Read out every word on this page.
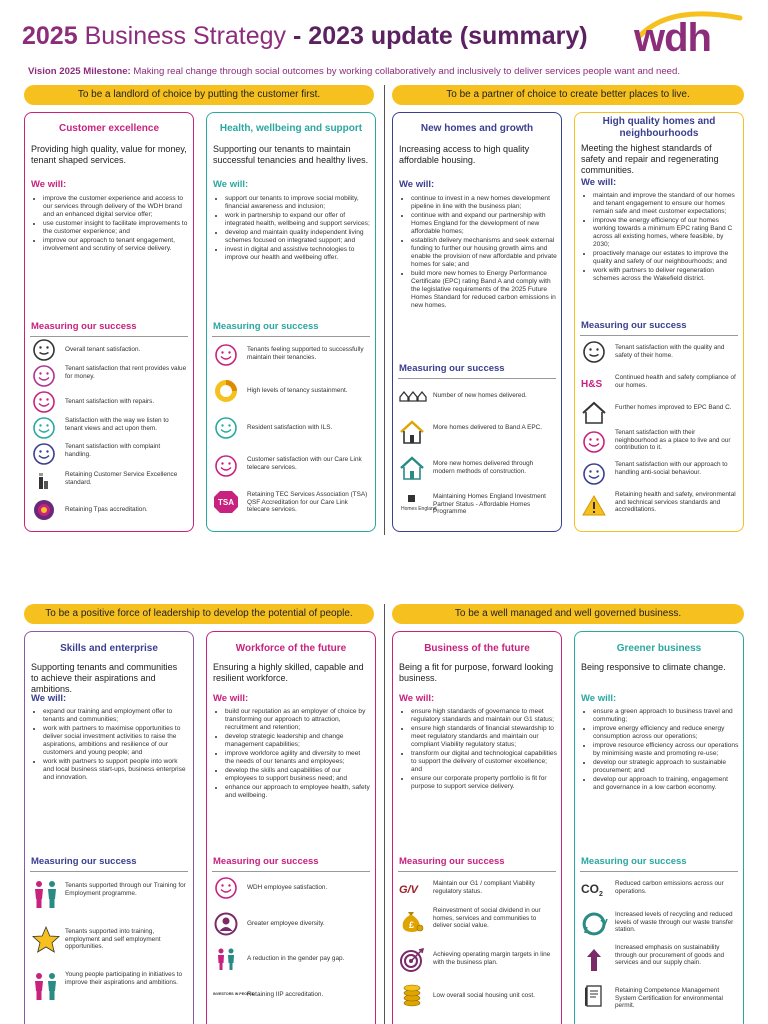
2025 Business Strategy - 2023 update (summary) wdh
Vision 2025 Milestone: Making real change through social outcomes by working collaboratively and inclusively to deliver services people want and need.
To be a landlord of choice by putting the customer first.	To be a partner of choice to create better places to live.
To be a positive force of leadership to develop the potential of people.	To be a well managed and well governed business.
Customer excellence
Providing high quality, value for money, tenant shaped services.
We will:
• improve the customer experience and access to our services through delivery of the WDH brand and an enhanced digital service offer;
• use customer insight to facilitate improvements to the customer experience; and
• improve our approach to tenant engagement, involvement and scrutiny of service delivery.
Measuring our success
Overall tenant satisfaction.
Tenant satisfaction that rent provides value for money.
Tenant satisfaction with repairs.
Satisfaction with the way we listen to tenant views and act upon them.
Tenant satisfaction with complaint handling.
Retaining Customer Service Excellence standard.
Retaining Tpas accreditation.
Health, wellbeing and support
Supporting our tenants to maintain successful tenancies and healthy lives.
We will:
• support our tenants to improve social mobility, financial awareness and inclusion;
• work in partnership to expand our offer of integrated health, wellbeing and support services;
• develop and maintain quality independent living schemes focused on integrated support; and
• invest in digital and assistive technologies to improve our health and wellbeing offer.
Measuring our success
Tenants feeling supported to successfully maintain their tenancies.
High levels of tenancy sustainment.
Resident satisfaction with ILS.
Customer satisfaction with our Care Link telecare services.
TSA
Retaining TEC Services Association (TSA) QSF Accreditation for our Care Link telecare services.
New homes and growth
Increasing access to high quality affordable housing.
We will:
• continue to invest in a new homes development pipeline in line with the business plan;
• continue with and expand our partnership with Homes England for the development of new affordable homes;
• establish delivery mechanisms and seek external funding to further our housing growth aims and enable the provision of new affordable and private homes for sale; and
• build more new homes to Energy Performance Certificate (EPC) rating Band A and comply with the legislative requirements of the 2025 Future Homes Standard for reduced carbon emissions in new homes.
Measuring our success
Number of new homes delivered.
More homes delivered to Band A EPC.
More new homes delivered through modern methods of construction.
Homes England
Maintaining Homes England Investment Partner Status - Affordable Homes Programme
High quality homes and neighbourhoods
Meeting the highest standards of safety and repair and regenerating communities.
We will:
• maintain and improve the standard of our homes and tenant engagement to ensure our homes remain safe and meet customer expectations;
• improve the energy efficiency of our homes working towards a minimum EPC rating Band C across all existing homes, where feasible, by 2030;
• proactively manage our estates to improve the quality and safety of our neighbourhoods; and
• work with partners to deliver regeneration schemes across the Wakefield district.
Measuring our success
Tenant satisfaction with the quality and safety of their home.
H&S
Continued health and safety compliance of our homes.
Further homes improved to EPC Band C.
Tenant satisfaction with their neighbourhood as a place to live and our contribution to it.
Tenant satisfaction with our approach to handling anti-social behaviour.
Retaining health and safety, environmental and technical services standards and accreditations.
Skills and enterprise
Supporting tenants and communities to achieve their aspirations and ambitions.
We will:
• expand our training and employment offer to tenants and communities;
• work with partners to maximise opportunities to deliver social investment activities to raise the aspirations, ambitions and resilience of our customers and young people; and
• work with partners to support people into work and local business start-ups, business enterprise and innovation.
Measuring our success
Tenants supported through our Training for Employment programme.
Tenants supported into training, employment and self employment opportunities.
Young people participating in initiatives to improve their aspirations and ambitions.
Workforce of the future
Ensuring a highly skilled, capable and resilient workforce.
We will:
• build our reputation as an employer of choice by transforming our approach to attraction, recruitment and retention;
• develop strategic leadership and change management capabilities;
• improve workforce agility and diversity to meet the needs of our tenants and employees;
• develop the skills and capabilities of our employees to support business need; and
• enhance our approach to employee health, safety and wellbeing.
Measuring our success
WDH employee satisfaction.
Greater employee diversity.
A reduction in the gender pay gap.
INVESTORS IN PEOPLE
Retaining IIP accreditation.
Business of the future
Being a fit for purpose, forward looking business.
We will:
• ensure high standards of governance to meet regulatory standards and maintain our G1 status;
• ensure high standards of financial stewardship to meet regulatory standards and maintain our compliant Viability regulatory status;
• transform our digital and technological capabilities to support the delivery of customer excellence; and
• ensure our corporate property portfolio is fit for purpose to support service delivery.
Measuring our success
G/V
Maintain our G1 / compliant Viability regulatory status.
£
Reinvestment of social dividend in our homes, services and communities to deliver social value.
Achieving operating margin targets in line with the business plan.
Low overall social housing unit cost.
Greener business
Being responsive to climate change.
We will:
• ensure a green approach to business travel and commuting;
• improve energy efficiency and reduce energy consumption across our operations;
• improve resource efficiency across our operations by minimising waste and promoting re-use;
• develop our strategic approach to sustainable procurement; and
• develop our approach to training, engagement and governance in a low carbon economy.
Measuring our success
CO 2
Reduced carbon emissions across our operations.
Increased levels of recycling and reduced levels of waste through our waste transfer station.
Increased emphasis on sustainability through our procurement of goods and services and our supply chain.
Retaining Competence Management System Certification for environmental permit.
